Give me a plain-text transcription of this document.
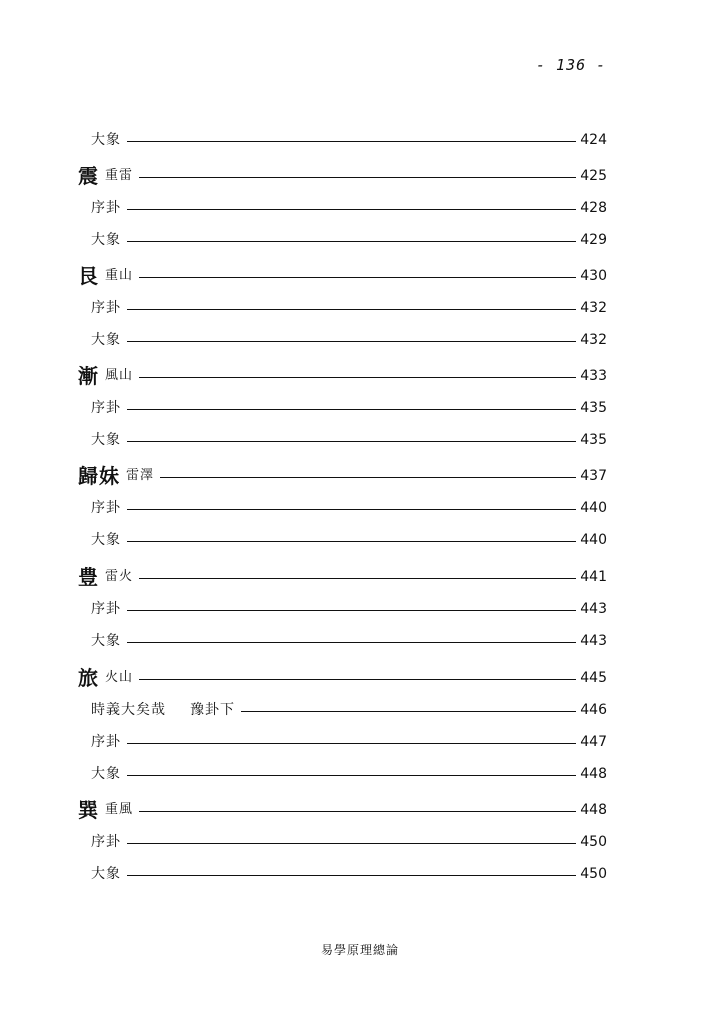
- 136 -
大象	424
震 重雷	425
序卦	428
大象	429
艮 重山	430
序卦	432
大象	432
漸 風山	433
序卦	435
大象	435
歸妹 雷澤	437
序卦	440
大象	440
豊 雷火	441
序卦	443
大象	443
旅 火山	445
時義大矣哉 豫卦下	446
序卦	447
大象	448
巽 重風	448
序卦	450
大象	450
易學原理總論
